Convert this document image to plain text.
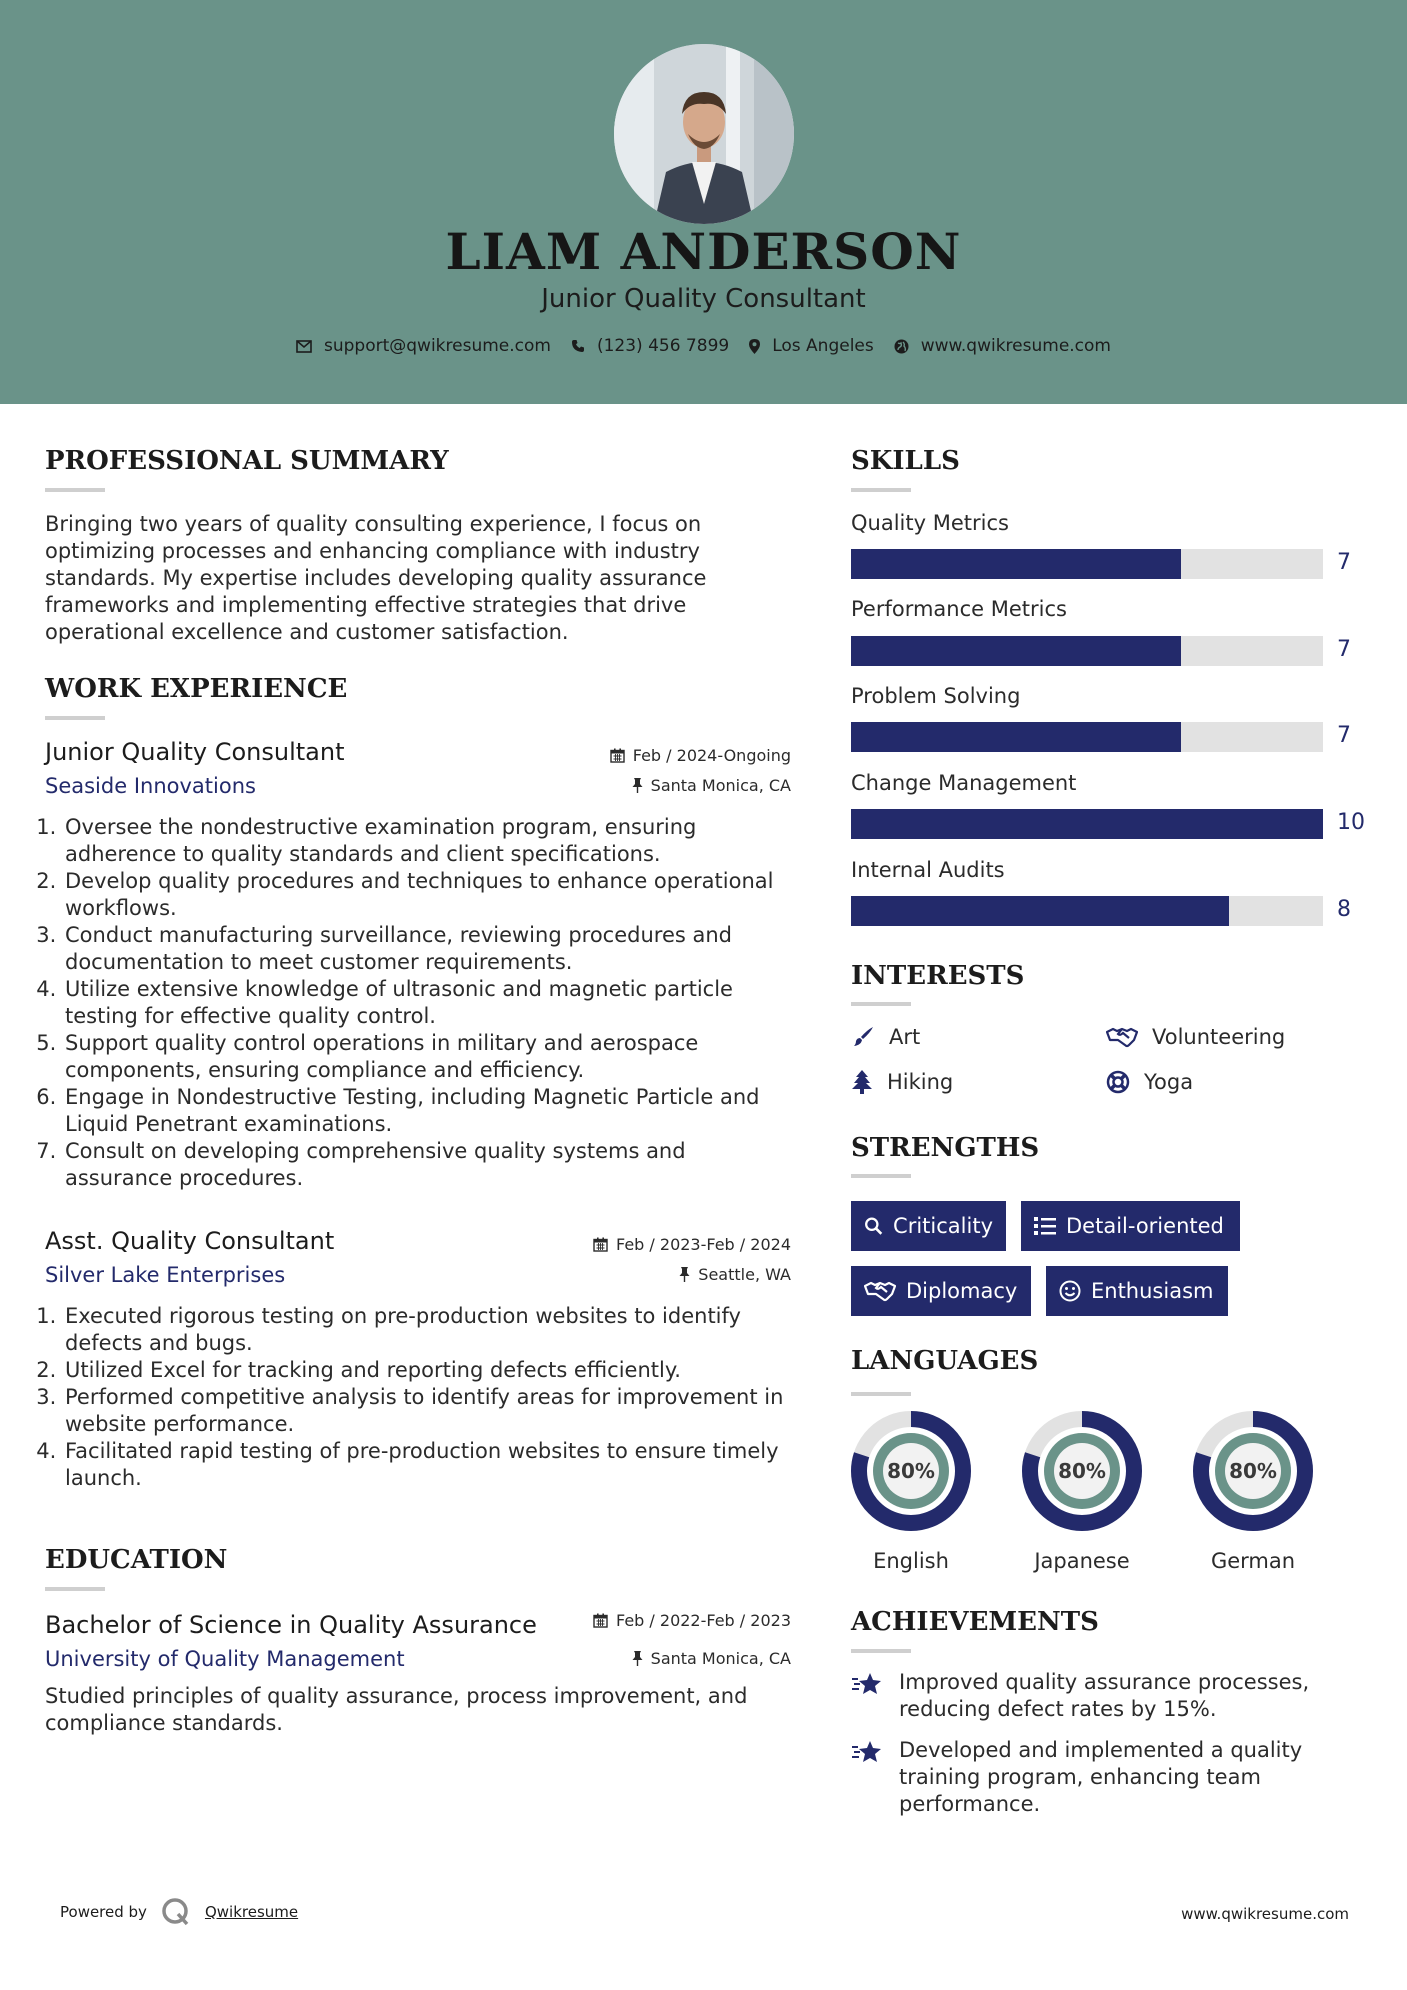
LIAM ANDERSON
Junior Quality Consultant
support@qwikresume.com	(123) 456 7899	Los Angeles	www.qwikresume.com
PROFESSIONAL SUMMARY
Bringing two years of quality consulting experience, I focus on optimizing processes and enhancing compliance with industry standards. My expertise includes developing quality assurance frameworks and implementing effective strategies that drive operational excellence and customer satisfaction.
WORK EXPERIENCE
Junior Quality Consultant	Feb / 2024-Ongoing
Seaside Innovations	Santa Monica, CA
1. Oversee the nondestructive examination program, ensuring adherence to quality standards and client specifications.
2. Develop quality procedures and techniques to enhance operational workflows.
3. Conduct manufacturing surveillance, reviewing procedures and documentation to meet customer requirements.
4. Utilize extensive knowledge of ultrasonic and magnetic particle testing for effective quality control.
5. Support quality control operations in military and aerospace components, ensuring compliance and efficiency.
6. Engage in Nondestructive Testing, including Magnetic Particle and Liquid Penetrant examinations.
7. Consult on developing comprehensive quality systems and assurance procedures.
Asst. Quality Consultant	Feb / 2023-Feb / 2024
Silver Lake Enterprises	Seattle, WA
1. Executed rigorous testing on pre-production websites to identify defects and bugs.
2. Utilized Excel for tracking and reporting defects efficiently.
3. Performed competitive analysis to identify areas for improvement in website performance.
4. Facilitated rapid testing of pre-production websites to ensure timely launch.
EDUCATION
Bachelor of Science in Quality Assurance	Feb / 2022-Feb / 2023
University of Quality Management	Santa Monica, CA
Studied principles of quality assurance, process improvement, and compliance standards.
SKILLS
Quality Metrics
7
Performance Metrics
7
Problem Solving
7
Change Management
10
Internal Audits
8
INTERESTS
Art	Volunteering
Hiking	Yoga
STRENGTHS
Criticality	Detail-oriented
Diplomacy	Enthusiasm
LANGUAGES
80%
English
80%
Japanese
80%
German
ACHIEVEMENTS
Improved quality assurance processes, reducing defect rates by 15%.
Developed and implemented a quality training program, enhancing team performance.
Powered by	Qwikresume	www.qwikresume.com
